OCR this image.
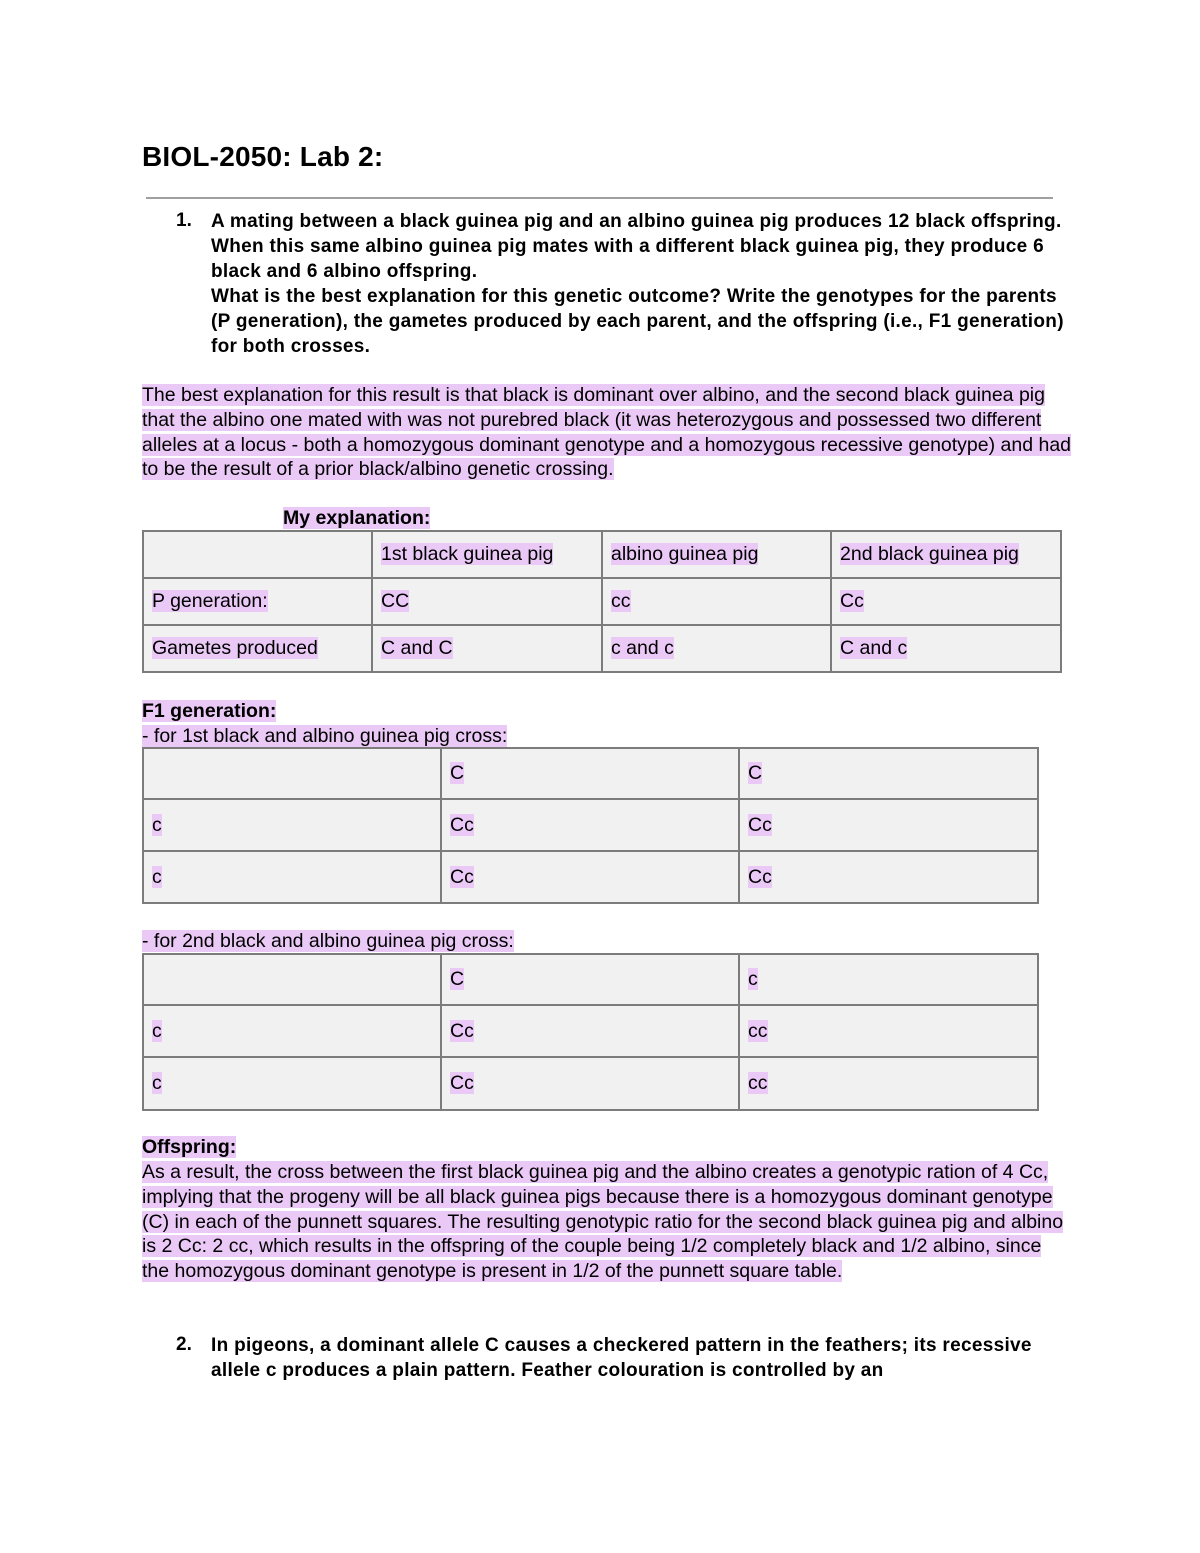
BIOL-2050: Lab 2:
1. A mating between a black guinea pig and an albino guinea pig produces 12 black offspring.

When this same albino guinea pig mates with a different black guinea pig, they produce 6 black and 6 albino offspring.

What is the best explanation for this genetic outcome? Write the genotypes for the parents (P generation), the gametes produced by each parent, and the offspring (i.e., F1 generation) for both crosses.

The best explanation for this result is that black is dominant over albino, and the second black guinea pig that the albino one mated with was not purebred black (it was heterozygous and possessed two different alleles at a locus - both a homozygous dominant genotype and a homozygous recessive genotype) and had to be the result of a prior black/albino genetic crossing.
My explanation:
	1st black guinea pig	albino guinea pig	2nd black guinea pig
P generation:	CC	cc	Cc
Gametes produced	C and C	c and c	C and c
F1 generation:
- for 1st black and albino guinea pig cross:
	C	C
c	Cc	Cc
c	Cc	Cc
- for 2nd black and albino guinea pig cross:
	C	c
c	Cc	cc
c	Cc	cc
Offspring:
As a result, the cross between the first black guinea pig and the albino creates a genotypic ration of 4 Cc, implying that the progeny will be all black guinea pigs because there is a homozygous dominant genotype (C) in each of the punnett squares. The resulting genotypic ratio for the second black guinea pig and albino is 2 Cc: 2 cc, which results in the offspring of the couple being 1/2 completely black and 1/2 albino, since the homozygous dominant genotype is present in 1/2 of the punnett square table.
2. In pigeons, a dominant allele C causes a checkered pattern in the feathers; its recessive allele c produces a plain pattern. Feather colouration is controlled by an
